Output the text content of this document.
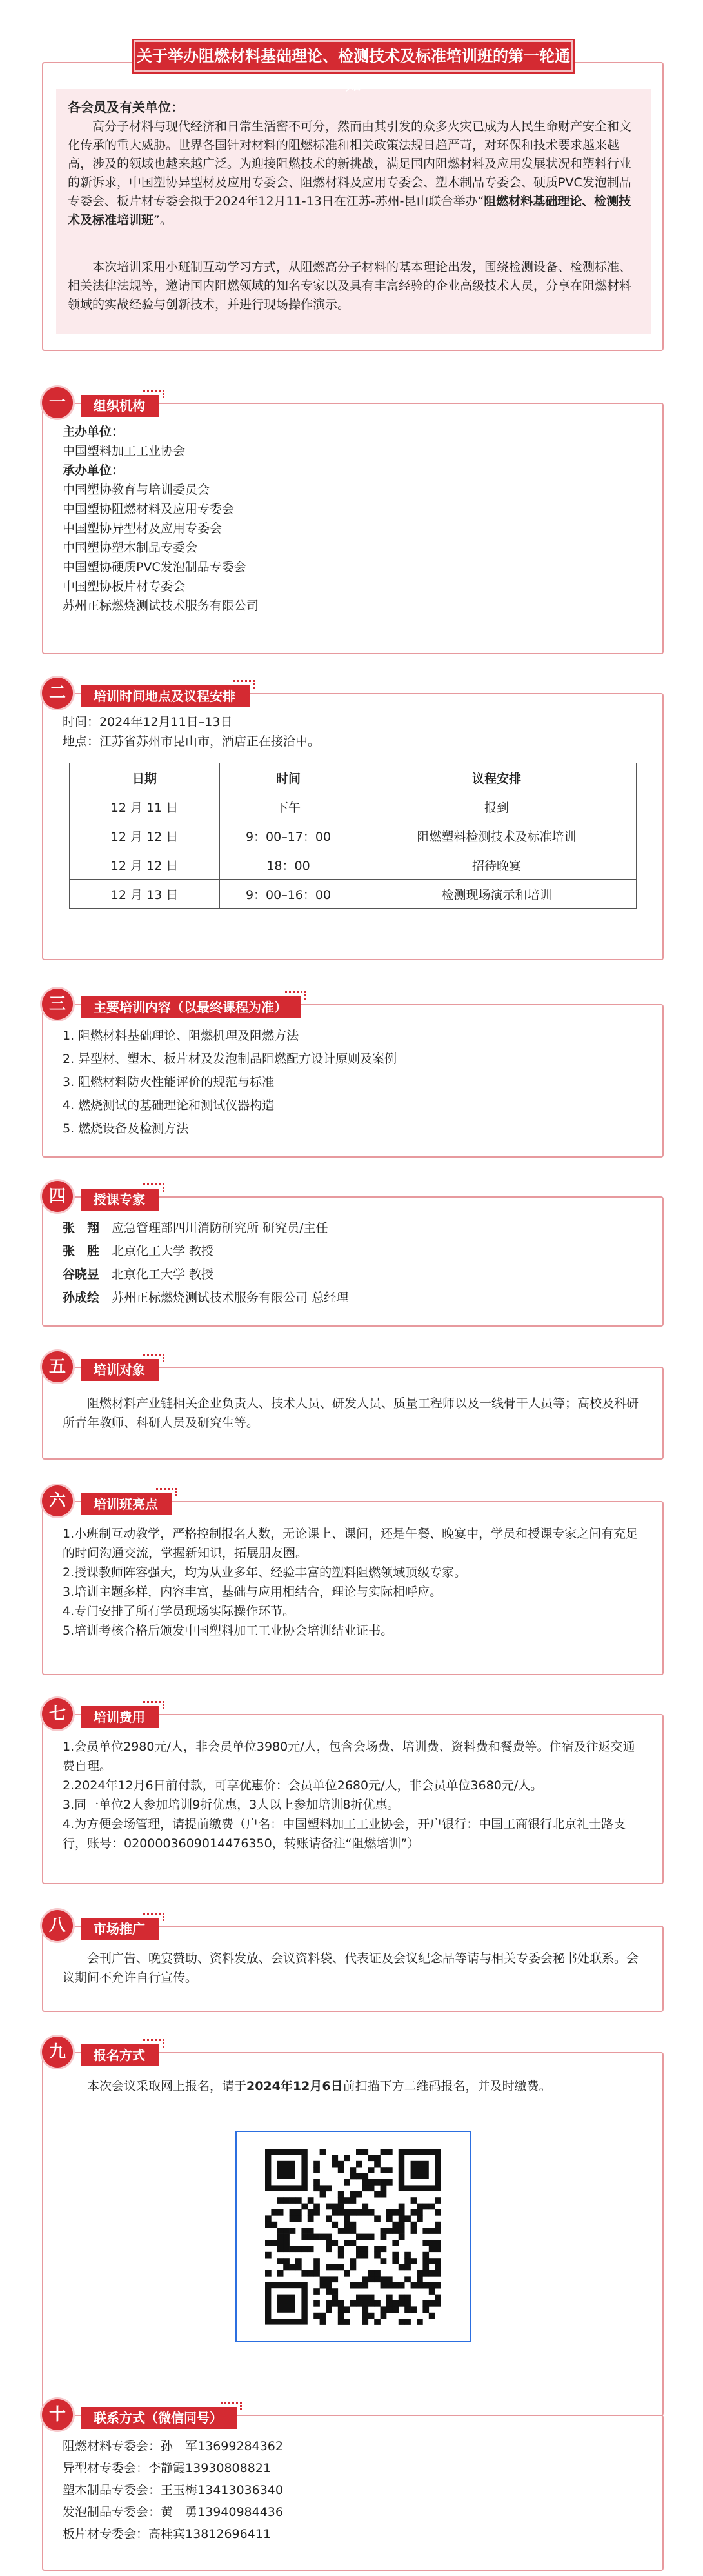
各会员及有关单位：
高分子材料与现代经济和日常生活密不可分，然而由其引发的众多火灾已成为人民生命财产安全和文化传承的重大威胁。世界各国针对材料的阻燃标准和相关政策法规日趋严苛，对环保和技术要求越来越高，涉及的领域也越来越广泛。为迎接阻燃技术的新挑战，满足国内阻燃材料及应用发展状况和塑料行业的新诉求，中国塑协异型材及应用专委会、阻燃材料及应用专委会、塑木制品专委会、硬质PVC发泡制品专委会、板片材专委会拟于2024年12月11-13日在江苏-苏州-昆山联合举办“阻燃材料基础理论、检测技术及标准培训班”。
本次培训采用小班制互动学习方式，从阻燃高分子材料的基本理论出发，围绕检测设备、检测标准、相关法律法规等，邀请国内阻燃领域的知名专家以及具有丰富经验的企业高级技术人员，分享在阻燃材料领域的实战经验与创新技术，并进行现场操作演示。
关于举办阻燃材料基础理论、检测技术及标准培训班的第一轮通知
一	组织机构
主办单位：
中国塑料加工工业协会
承办单位：
中国塑协教育与培训委员会
中国塑协阻燃材料及应用专委会
中国塑协异型材及应用专委会
中国塑协塑木制品专委会
中国塑协硬质PVC发泡制品专委会
中国塑协板片材专委会
苏州正标燃烧测试技术服务有限公司
二	培训时间地点及议程安排
时间：2024年12月11日–13日
地点：江苏省苏州市昆山市，酒店正在接洽中。
日期	时间	议程安排
12 月 11 日	下午	报到
12 月 12 日	9：00–17：00	阻燃塑料检测技术及标准培训
12 月 12 日	18：00	招待晚宴
12 月 13 日	9：00–16：00	检测现场演示和培训
三	主要培训内容（以最终课程为准）
1. 阻燃材料基础理论、阻燃机理及阻燃方法
2. 异型材、塑木、板片材及发泡制品阻燃配方设计原则及案例
3. 阻燃材料防火性能评价的规范与标准
4. 燃烧测试的基础理论和测试仪器构造
5. 燃烧设备及检测方法
四	授课专家
张　翔　 应急管理部四川消防研究所 研究员/主任
张　胜　 北京化工大学 教授
谷晓昱　 北京化工大学 教授
孙成绘　 苏州正标燃烧测试技术服务有限公司 总经理
五	培训对象
阻燃材料产业链相关企业负责人、技术人员、研发人员、质量工程师以及一线骨干人员等；高校及科研所青年教师、科研人员及研究生等。
六	培训班亮点
1.小班制互动教学，严格控制报名人数，无论课上、课间，还是午餐、晚宴中，学员和授课专家之间有充足的时间沟通交流，掌握新知识，拓展朋友圈。
2.授课教师阵容强大，均为从业多年、经验丰富的塑料阻燃领域顶级专家。
3.培训主题多样，内容丰富，基础与应用相结合，理论与实际相呼应。
4.专门安排了所有学员现场实际操作环节。
5.培训考核合格后颁发中国塑料加工工业协会培训结业证书。
七	培训费用
1.会员单位2980元/人，非会员单位3980元/人，包含会场费、培训费、资料费和餐费等。住宿及往返交通费自理。
2.2024年12月6日前付款，可享优惠价：会员单位2680元/人，非会员单位3680元/人。
3.同一单位2人参加培训9折优惠，3人以上参加培训8折优惠。
4.为方便会场管理，请提前缴费（户名：中国塑料加工工业协会，开户银行：中国工商银行北京礼士路支行，账号：0200003609014476350，转账请备注“阻燃培训”）
八	市场推广
会刊广告、晚宴赞助、资料发放、会议资料袋、代表证及会议纪念品等请与相关专委会秘书处联系。会议期间不允许自行宣传。
九	报名方式
本次会议采取网上报名，请于2024年12月6日前扫描下方二维码报名，并及时缴费。
十	联系方式（微信同号）
阻燃材料专委会：孙　军13699284362
异型材专委会：李静霞13930808821
塑木制品专委会：王玉梅13413036340
发泡制品专委会：黄　勇13940984436
板片材专委会：高桂宾13812696411
